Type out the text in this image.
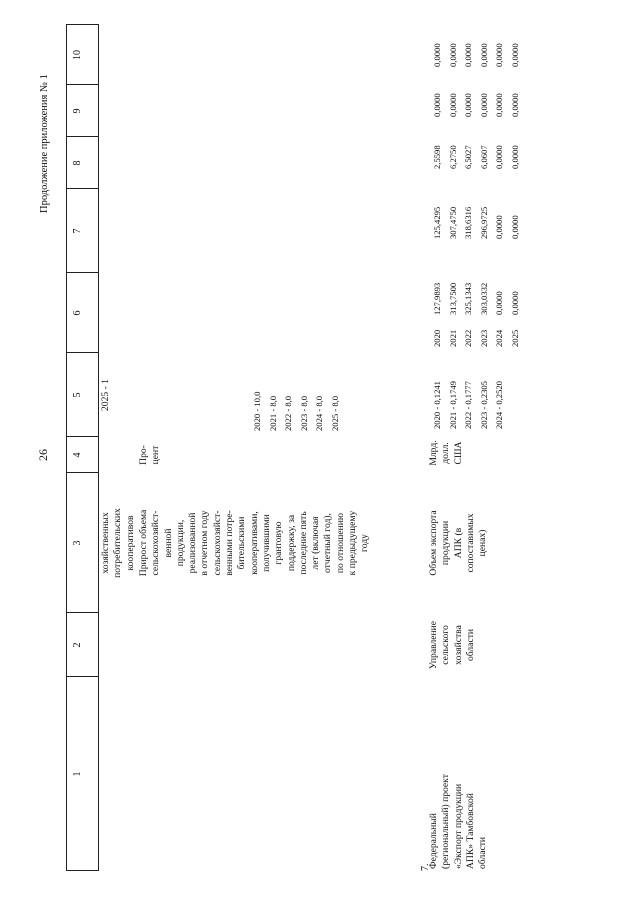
26
Продолжение приложения № 1
1
2
3
4
5
6
7
8
9
10
хозяйственных потребительских кооперативов
2025 - 1
Прирост объема сельскохозяйст- венной продукции, реализованной в отчетном году сельскохозяйст- венными потре- бительскими кооперативами, получившими грантовую поддержку, за последние пять лет (включая отчетный год), по отношению к предыдущему году
Про- цент
2020 - 10,0 2021 - 8,0 2022 - 8,0 2023 - 8,0 2024 - 8,0 2025 - 8,0
7.
Федеральный (региональный) проект «Экспорт продукции АПК» Тамбовской области
Управление сельского хозяйства области
Объем экспорта продукции АПК (в сопоставимых ценах)
Млрд. долл. США
2020 - 0,1241 2021 - 0,1749 2022 - 0,1777 2023 - 0,2305 2024 - 0,2520
2020 2021 2022 2023 2024 2025
127,9893 313,7500 325,1343 303,0332 0,0000 0,0000
125,4295 307,4750 318,6316 296,9725 0,0000 0,0000
2,5598 6,2750 6,5027 6,0607 0,0000 0,0000
0,0000 0,0000 0,0000 0,0000 0,0000 0,0000
0,0000 0,0000 0,0000 0,0000 0,0000 0,0000
